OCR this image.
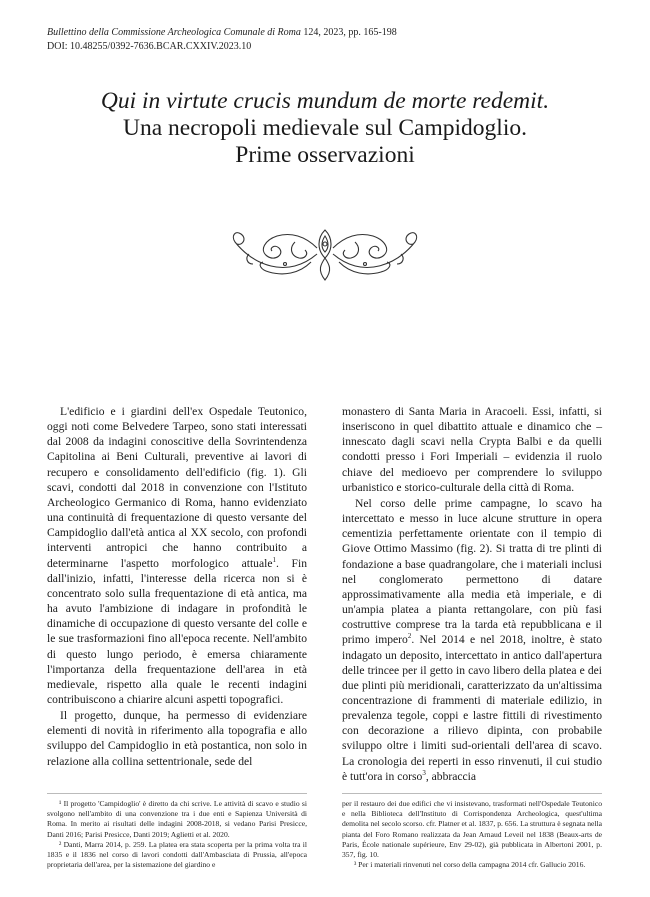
Bullettino della Commissione Archeologica Comunale di Roma 124, 2023, pp. 165-198
DOI: 10.48255/0392-7636.BCAR.CXXIV.2023.10
Qui in virtute crucis mundum de morte redemit.
Una necropoli medievale sul Campidoglio.
Prime osservazioni

L'edificio e i giardini dell'ex Ospedale Teutonico, oggi noti come Belvedere Tarpeo, sono stati interessati dal 2008 da indagini conoscitive della Sovrintendenza Capitolina ai Beni Culturali, preventive ai lavori di recupero e consolidamento dell'edificio (fig. 1). Gli scavi, condotti dal 2018 in convenzione con l'Istituto Archeologico Germanico di Roma, hanno evidenziato una continuità di frequentazione di questo versante del Campidoglio dall'età antica al XX secolo, con profondi interventi antropici che hanno contribuito a determinarne l'aspetto morfologico attuale$^1$. Fin dall'inizio, infatti, l'interesse della ricerca non si è concentrato solo sulla frequentazione di età antica, ma ha avuto l'ambizione di indagare in profondità le dinamiche di occupazione di questo versante del colle e le sue trasformazioni fino all'epoca recente. Nell'ambito di questo lungo periodo, è emersa chiaramente l'importanza della frequentazione dell'area in età medievale, rispetto alla quale le recenti indagini contribuiscono a chiarire alcuni aspetti topografici.

Il progetto, dunque, ha permesso di evidenziare elementi di novità in riferimento alla topografia e allo sviluppo del Campidoglio in età postantica, non solo in relazione alla collina settentrionale, sede del

monastero di Santa Maria in Aracoeli. Essi, infatti, si inseriscono in quel dibattito attuale e dinamico che – innescato dagli scavi nella Crypta Balbi e da quelli condotti presso i Fori Imperiali – evidenzia il ruolo chiave del medioevo per comprendere lo sviluppo urbanistico e storico-culturale della città di Roma.

Nel corso delle prime campagne, lo scavo ha intercettato e messo in luce alcune strutture in opera cementizia perfettamente orientate con il tempio di Giove Ottimo Massimo (fig. 2). Si tratta di tre plinti di fondazione a base quadrangolare, che i materiali inclusi nel conglomerato permettono di datare approssimativamente alla media età imperiale, e di un'ampia platea a pianta rettangolare, con più fasi costruttive comprese tra la tarda età repubblicana e il primo impero$^2$. Nel 2014 e nel 2018, inoltre, è stato indagato un deposito, intercettato in antico dall'apertura delle trincee per il getto in cavo libero della platea e dei due plinti più meridionali, caratterizzato da un'altissima concentrazione di frammenti di materiale edilizio, in prevalenza tegole, coppi e lastre fittili di rivestimento con decorazione a rilievo dipinta, con probabile sviluppo oltre i limiti sud-orientali dell'area di scavo. La cronologia dei reperti in esso rinvenuti, il cui studio è tutt'ora in corso$^3$, abbraccia

¹ Il progetto 'Campidoglio' è diretto da chi scrive. Le attività di scavo e studio si svolgono nell'ambito di una convenzione tra i due enti e Sapienza Università di Roma. In merito ai risultati delle indagini 2008-2018, si vedano Parisi Presicce, Danti 2016; Parisi Presicce, Danti 2019; Aglietti et al. 2020.

² Danti, Marra 2014, p. 259. La platea era stata scoperta per la prima volta tra il 1835 e il 1836 nel corso di lavori condotti dall'Ambasciata di Prussia, all'epoca proprietaria dell'area, per la sistemazione del giardino e

per il restauro dei due edifici che vi insistevano, trasformati nell'Ospedale Teutonico e nella Biblioteca dell'Instituto di Corrispondenza Archeologica, quest'ultima demolita nel secolo scorso. cfr. Platner et al. 1837, p. 656. La struttura è segnata nella pianta del Foro Romano realizzata da Jean Arnaud Leveil nel 1838 (Beaux-arts de Paris, École nationale supérieure, Env 29-02), già pubblicata in Albertoni 2001, p. 357, fig. 10.

³ Per i materiali rinvenuti nel corso della campagna 2014 cfr. Gallucio 2016.
